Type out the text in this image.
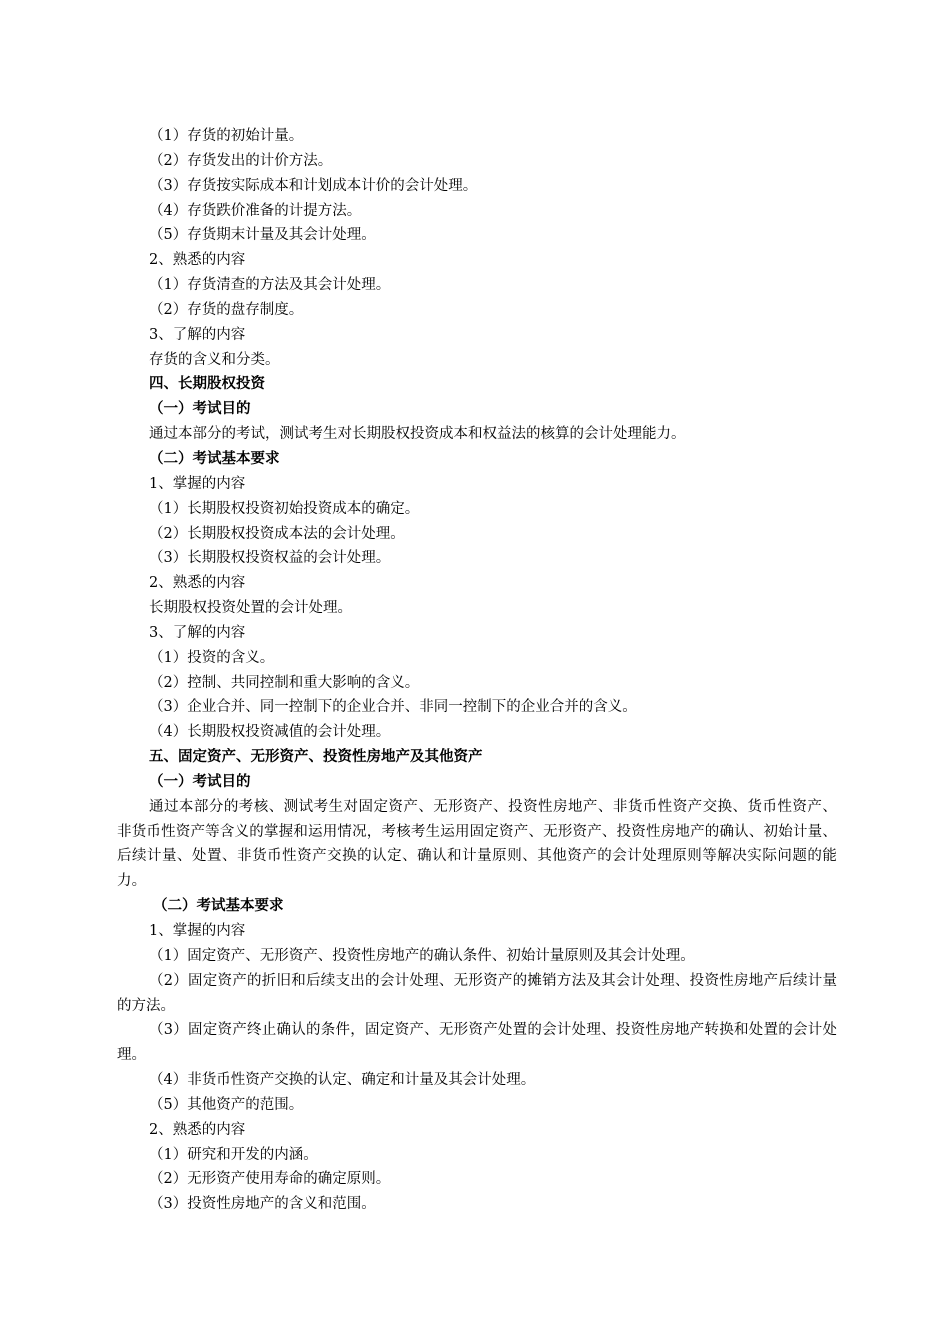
（1）存货的初始计量。
（2）存货发出的计价方法。
（3）存货按实际成本和计划成本计价的会计处理。
（4）存货跌价准备的计提方法。
（5）存货期末计量及其会计处理。
2、熟悉的内容
（1）存货清查的方法及其会计处理。
（2）存货的盘存制度。
3、了解的内容
存货的含义和分类。
四、长期股权投资
（一）考试目的
通过本部分的考试，测试考生对长期股权投资成本和权益法的核算的会计处理能力。
（二）考试基本要求
1、掌握的内容
（1）长期股权投资初始投资成本的确定。
（2）长期股权投资成本法的会计处理。
（3）长期股权投资权益的会计处理。
2、熟悉的内容
长期股权投资处置的会计处理。
3、了解的内容
（1）投资的含义。
（2）控制、共同控制和重大影响的含义。
（3）企业合并、同一控制下的企业合并、非同一控制下的企业合并的含义。
（4）长期股权投资减值的会计处理。
五、固定资产、无形资产、投资性房地产及其他资产
（一）考试目的
通过本部分的考核、测试考生对固定资产、无形资产、投资性房地产、非货币性资产交换、货币性资产、非货币性资产等含义的掌握和运用情况，考核考生运用固定资产、无形资产、投资性房地产的确认、初始计量、后续计量、处置、非货币性资产交换的认定、确认和计量原则、其他资产的会计处理原则等解决实际问题的能力。
（二）考试基本要求
1、掌握的内容
（1）固定资产、无形资产、投资性房地产的确认条件、初始计量原则及其会计处理。
（2）固定资产的折旧和后续支出的会计处理、无形资产的摊销方法及其会计处理、投资性房地产后续计量的方法。
（3）固定资产终止确认的条件，固定资产、无形资产处置的会计处理、投资性房地产转换和处置的会计处理。
（4）非货币性资产交换的认定、确定和计量及其会计处理。
（5）其他资产的范围。
2、熟悉的内容
（1）研究和开发的内涵。
（2）无形资产使用寿命的确定原则。
（3）投资性房地产的含义和范围。
